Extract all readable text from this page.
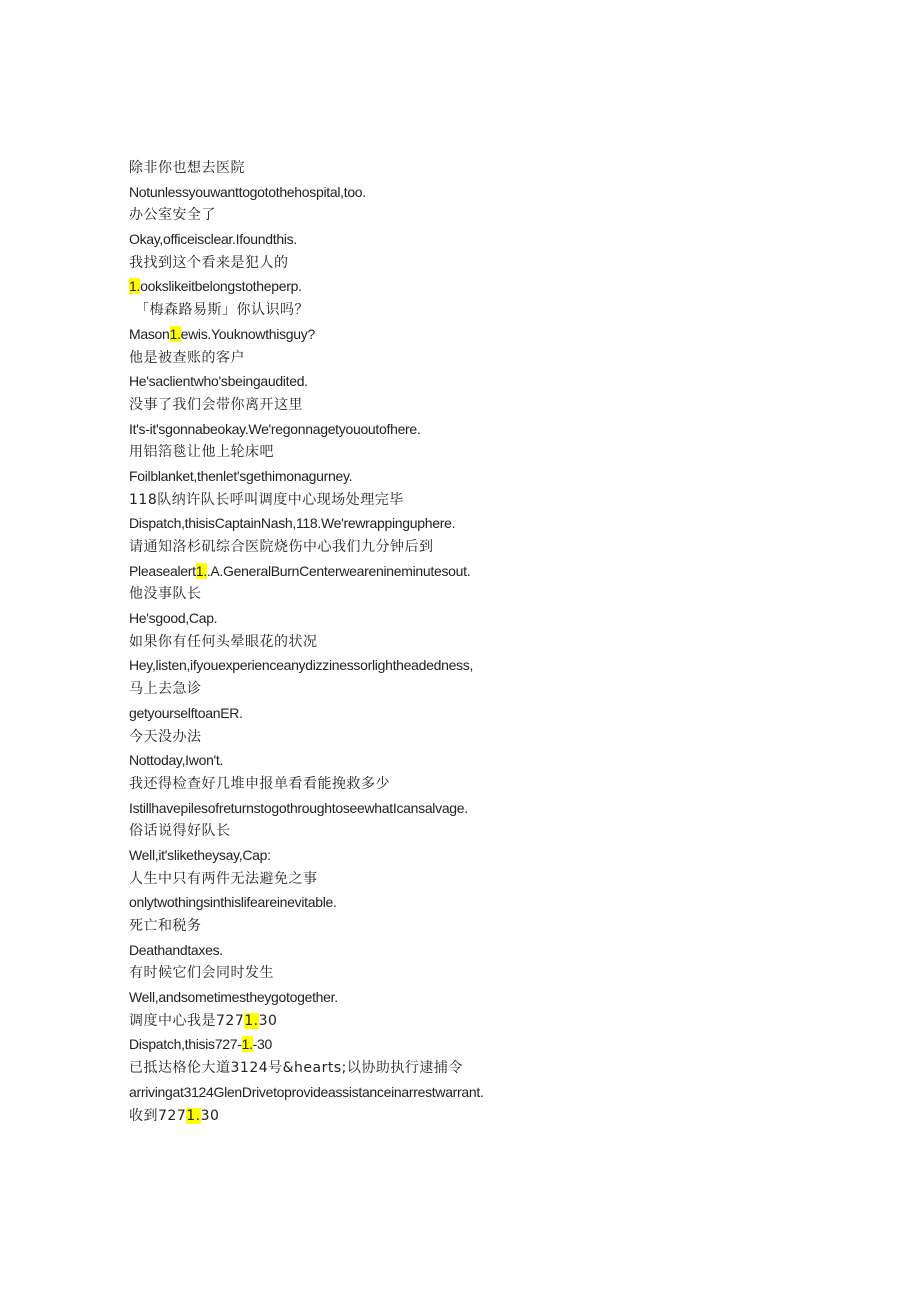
除非你也想去医院
Notunlessyouwanttogotothehospital,too.
办公室安全了
Okay,officeisclear.Ifoundthis.
我找到这个看来是犯人的
1.ookslikeitbelongstotheperp.
「梅森路易斯」你认识吗？
Mason1.ewis.Youknowthisguy?
他是被查账的客户
He'saclientwho'sbeingaudited.
没事了我们会带你离开这里
It's-it'sgonnabeokay.We'regonnagetyououtofhere.
用铝箔毯让他上轮床吧
Foilblanket,thenlet'sgethimonagurney.
118队纳许队长呼叫调度中心现场处理完毕
Dispatch,thisisCaptainNash,118.We'rewrappinguphere.
请通知洛杉矶综合医院烧伤中心我们九分钟后到
Pleasealert1..A.GeneralBurnCenterwearenineminutesout.
他没事队长
He'sgood,Cap.
如果你有任何头晕眼花的状况
Hey,listen,ifyouexperienceanydizzinessorlightheadedness,
马上去急诊
getyourselftoanER.
今天没办法
Nottoday,Iwon't.
我还得检查好几堆申报单看看能挽救多少
IstillhavepilesofreturnstogothroughtoseewhatIcansalvage.
俗话说得好队长
Well,it'sliketheysay,Cap:
人生中只有两件无法避免之事
onlytwothingsinthislifeareinevitable.
死亡和税务
Deathandtaxes.
有时候它们会同时发生
Well,andsometimestheygotogether.
调度中心我是7271.30
Dispatch,thisis727-1.-30
已抵达格伦大道3124号&hearts;以协助执行逮捕令
arrivingat3124GlenDrivetoprovideassistanceinarrestwarrant.
收到7271.30
